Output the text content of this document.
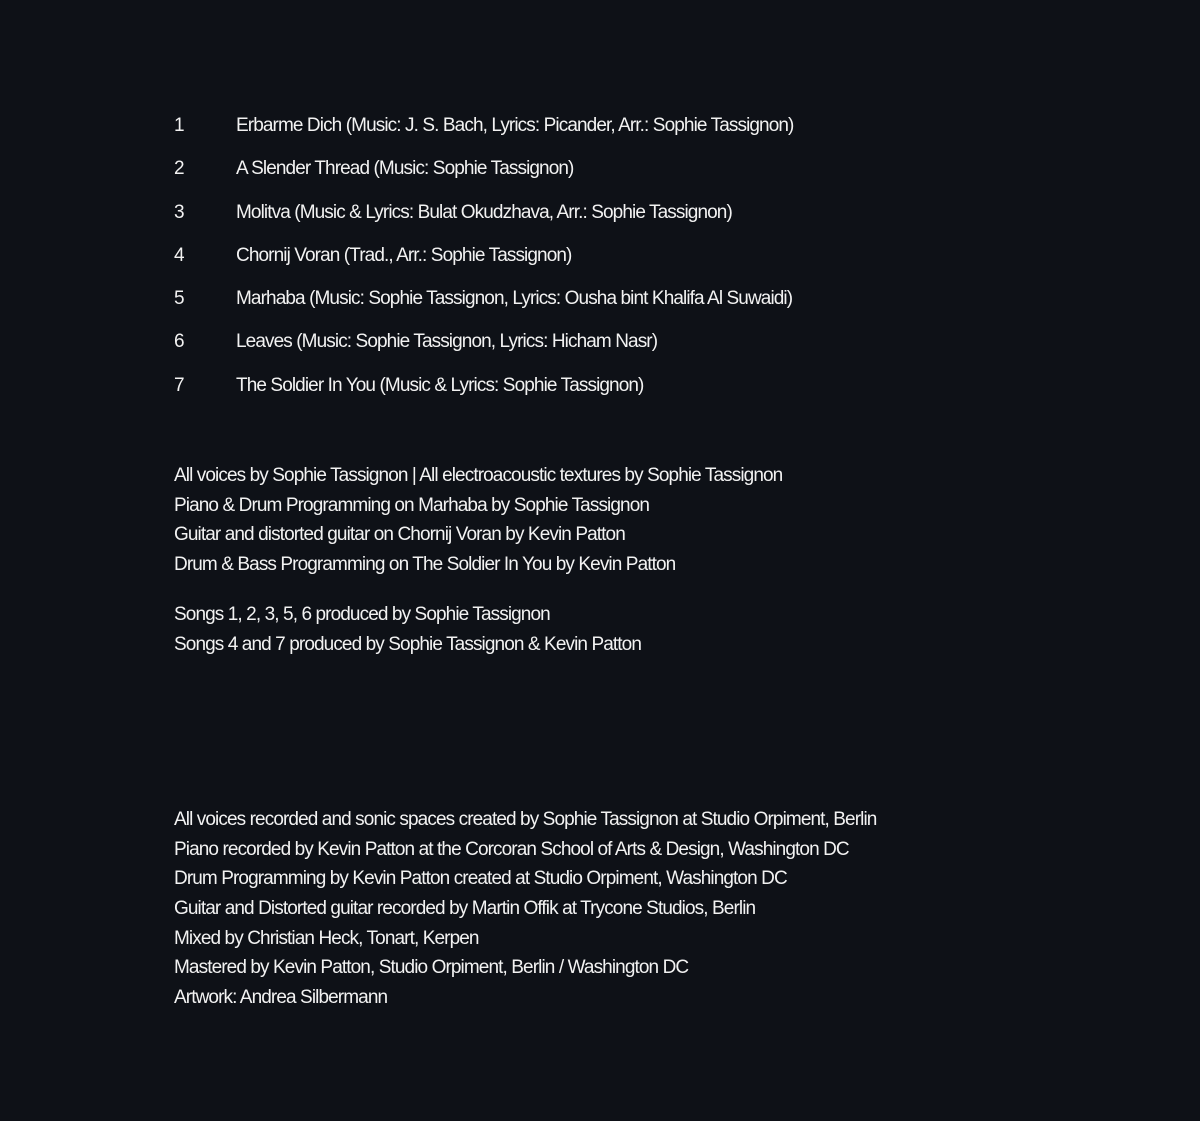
1	Erbarme Dich (Music: J. S. Bach, Lyrics: Picander, Arr.: Sophie Tassignon)
2	A Slender Thread (Music: Sophie Tassignon)
3	Molitva (Music & Lyrics: Bulat Okudzhava, Arr.: Sophie Tassignon)
4	Chornij Voran (Trad., Arr.: Sophie Tassignon)
5	Marhaba (Music: Sophie Tassignon, Lyrics: Ousha bint Khalifa Al Suwaidi)
6	Leaves (Music: Sophie Tassignon, Lyrics: Hicham Nasr)
7	The Soldier In You (Music & Lyrics: Sophie Tassignon)
All voices by Sophie Tassignon | All electroacoustic textures by Sophie Tassignon
Piano & Drum Programming on Marhaba by Sophie Tassignon
Guitar and distorted guitar on Chornij Voran by Kevin Patton
Drum & Bass Programming on The Soldier In You by Kevin Patton
Songs 1, 2, 3, 5, 6 produced by Sophie Tassignon
Songs 4 and 7 produced by Sophie Tassignon & Kevin Patton
All voices recorded and sonic spaces created by Sophie Tassignon at Studio Orpiment, Berlin
Piano recorded by Kevin Patton at the Corcoran School of Arts & Design, Washington DC
Drum Programming by Kevin Patton created at Studio Orpiment, Washington DC
Guitar and Distorted guitar recorded by Martin Offik at Trycone Studios, Berlin
Mixed by Christian Heck, Tonart, Kerpen
Mastered by Kevin Patton, Studio Orpiment, Berlin / Washington DC
Artwork: Andrea Silbermann
